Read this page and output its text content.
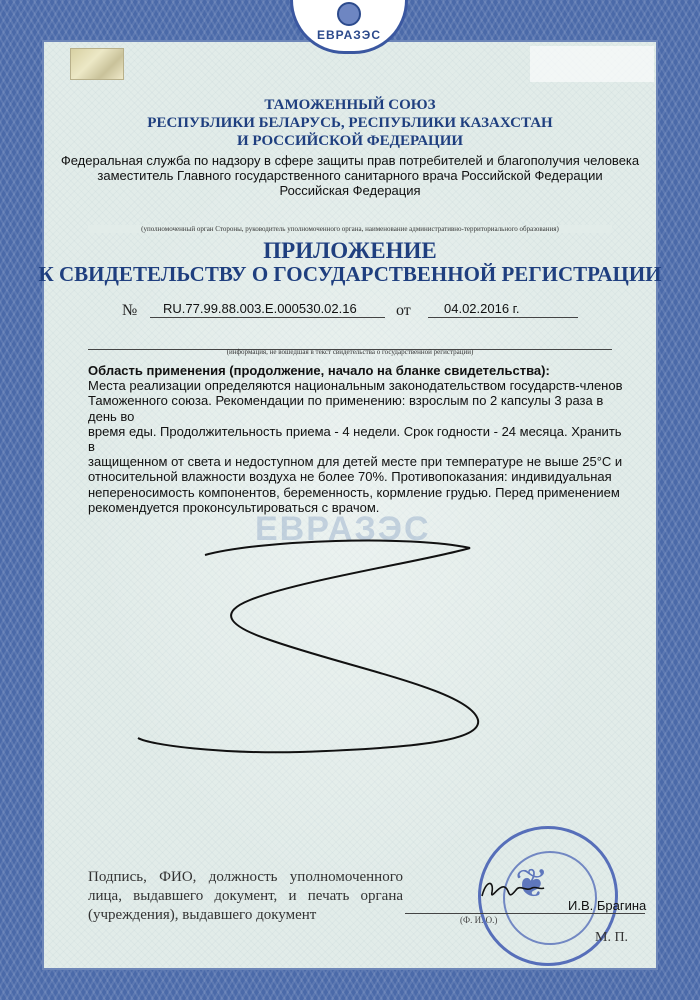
ЕВРАЗЭС
ТАМОЖЕННЫЙ СОЮЗ
РЕСПУБЛИКИ БЕЛАРУСЬ, РЕСПУБЛИКИ КАЗАХСТАН
И РОССИЙСКОЙ ФЕДЕРАЦИИ
Федеральная служба по надзору в сфере защиты прав потребителей и благополучия человека
заместитель Главного государственного санитарного врача Российской Федерации
Российская Федерация
(уполномоченный орган Стороны, руководитель уполномоченного органа, наименование административно-территориального образования)
ПРИЛОЖЕНИЕ
К СВИДЕТЕЛЬСТВУ О ГОСУДАРСТВЕННОЙ РЕГИСТРАЦИИ
№ RU.77.99.88.003.E.000530.02.16 от	04.02.2016 г.
(информация, не вошедшая в текст свидетельства о государственной регистрации)
Область применения (продолжение, начало на бланке свидетельства):
Места реализации определяются национальным законодательством государств-членов
Таможенного союза. Рекомендации по применению: взрослым по 2 капсулы 3 раза в день во
время еды. Продолжительность приема - 4 недели. Срок годности - 24 месяца. Хранить в
защищенном от света и недоступном для детей месте при температуре не выше 25°С и
относительной влажности воздуха не более 70%. Противопоказания: индивидуальная
непереносимость компонентов, беременность, кормление грудью. Перед применением
рекомендуется проконсультироваться с врачом.
ЕВРАЗЭС
Подпись, ФИО, должность уполномоченного лица, выдавшего документ, и печать органа (учреждения), выдавшего документ
❦ И.В. Брагина
(Ф. И. О.)
М. П.
